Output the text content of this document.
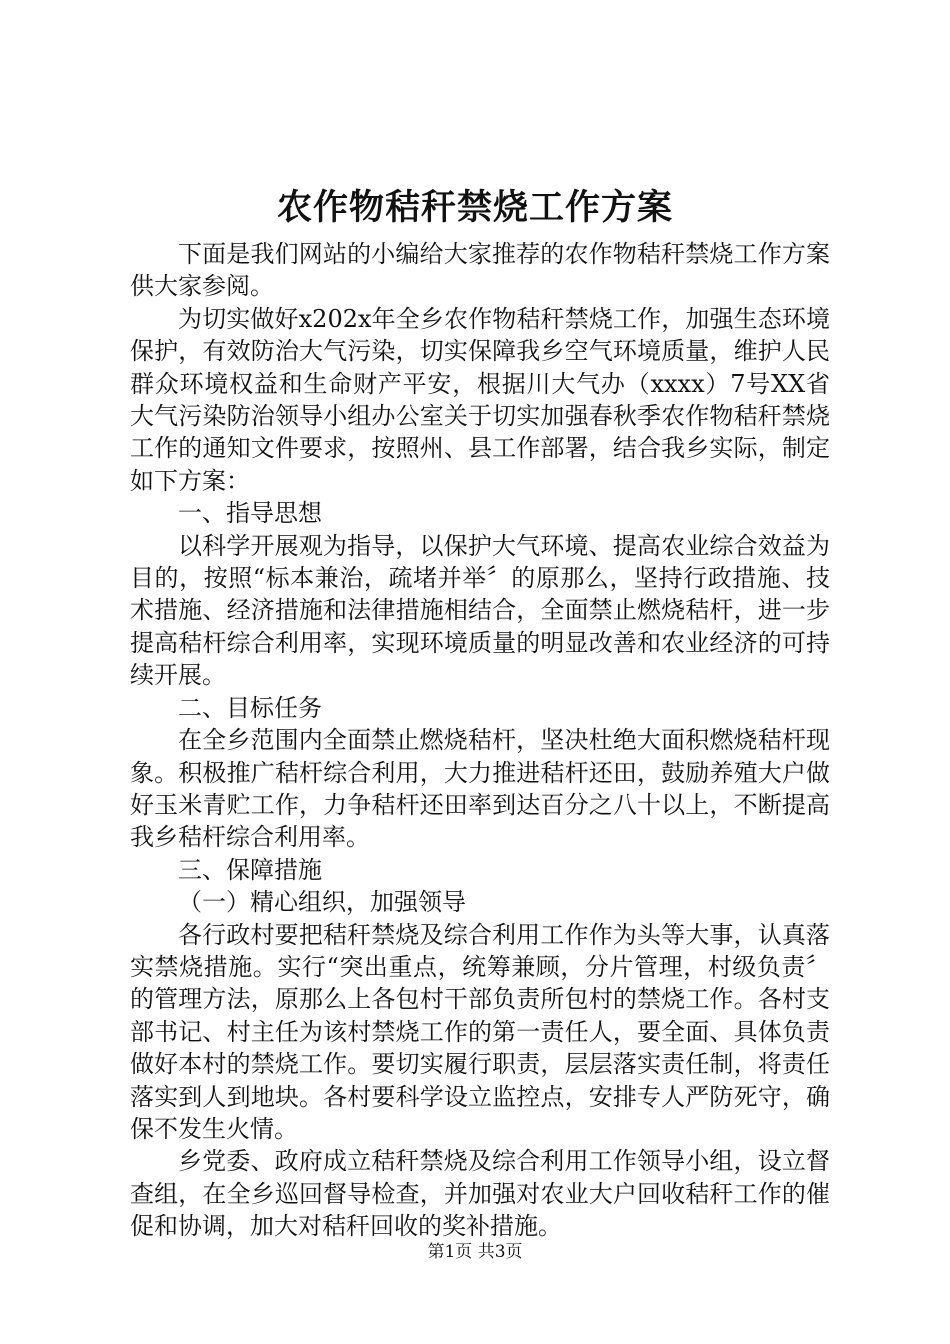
农作物秸秆禁烧工作方案

下面是我们网站的小编给大家推荐的农作物秸秆禁烧工作方案供大家参阅。

为切实做好x202x年全乡农作物秸秆禁烧工作，加强生态环境保护，有效防治大气污染，切实保障我乡空气环境质量，维护人民群众环境权益和生命财产平安，根据川大气办（xxxx）7号XX省大气污染防治领导小组办公室关于切实加强春秋季农作物秸秆禁烧工作的通知文件要求，按照州、县工作部署，结合我乡实际，制定如下方案：

一、指导思想

以科学开展观为指导，以保护大气环境、提高农业综合效益为目的，按照“标本兼治，疏堵并举〞的原那么，坚持行政措施、技术措施、经济措施和法律措施相结合，全面禁止燃烧秸杆，进一步提高秸杆综合利用率，实现环境质量的明显改善和农业经济的可持续开展。

二、目标任务

在全乡范围内全面禁止燃烧秸杆，坚决杜绝大面积燃烧秸杆现象。积极推广秸杆综合利用，大力推进秸杆还田，鼓励养殖大户做好玉米青贮工作，力争秸杆还田率到达百分之八十以上，不断提高我乡秸杆综合利用率。

三、保障措施

（一）精心组织，加强领导

各行政村要把秸秆禁烧及综合利用工作作为头等大事，认真落实禁烧措施。实行“突出重点，统筹兼顾，分片管理，村级负责〞的管理方法，原那么上各包村干部负责所包村的禁烧工作。各村支部书记、村主任为该村禁烧工作的第一责任人，要全面、具体负责做好本村的禁烧工作。要切实履行职责，层层落实责任制，将责任落实到人到地块。各村要科学设立监控点，安排专人严防死守，确保不发生火情。

乡党委、政府成立秸秆禁烧及综合利用工作领导小组，设立督查组，在全乡巡回督导检查，并加强对农业大户回收秸秆工作的催促和协调，加大对秸秆回收的奖补措施。

第1页 共3页
